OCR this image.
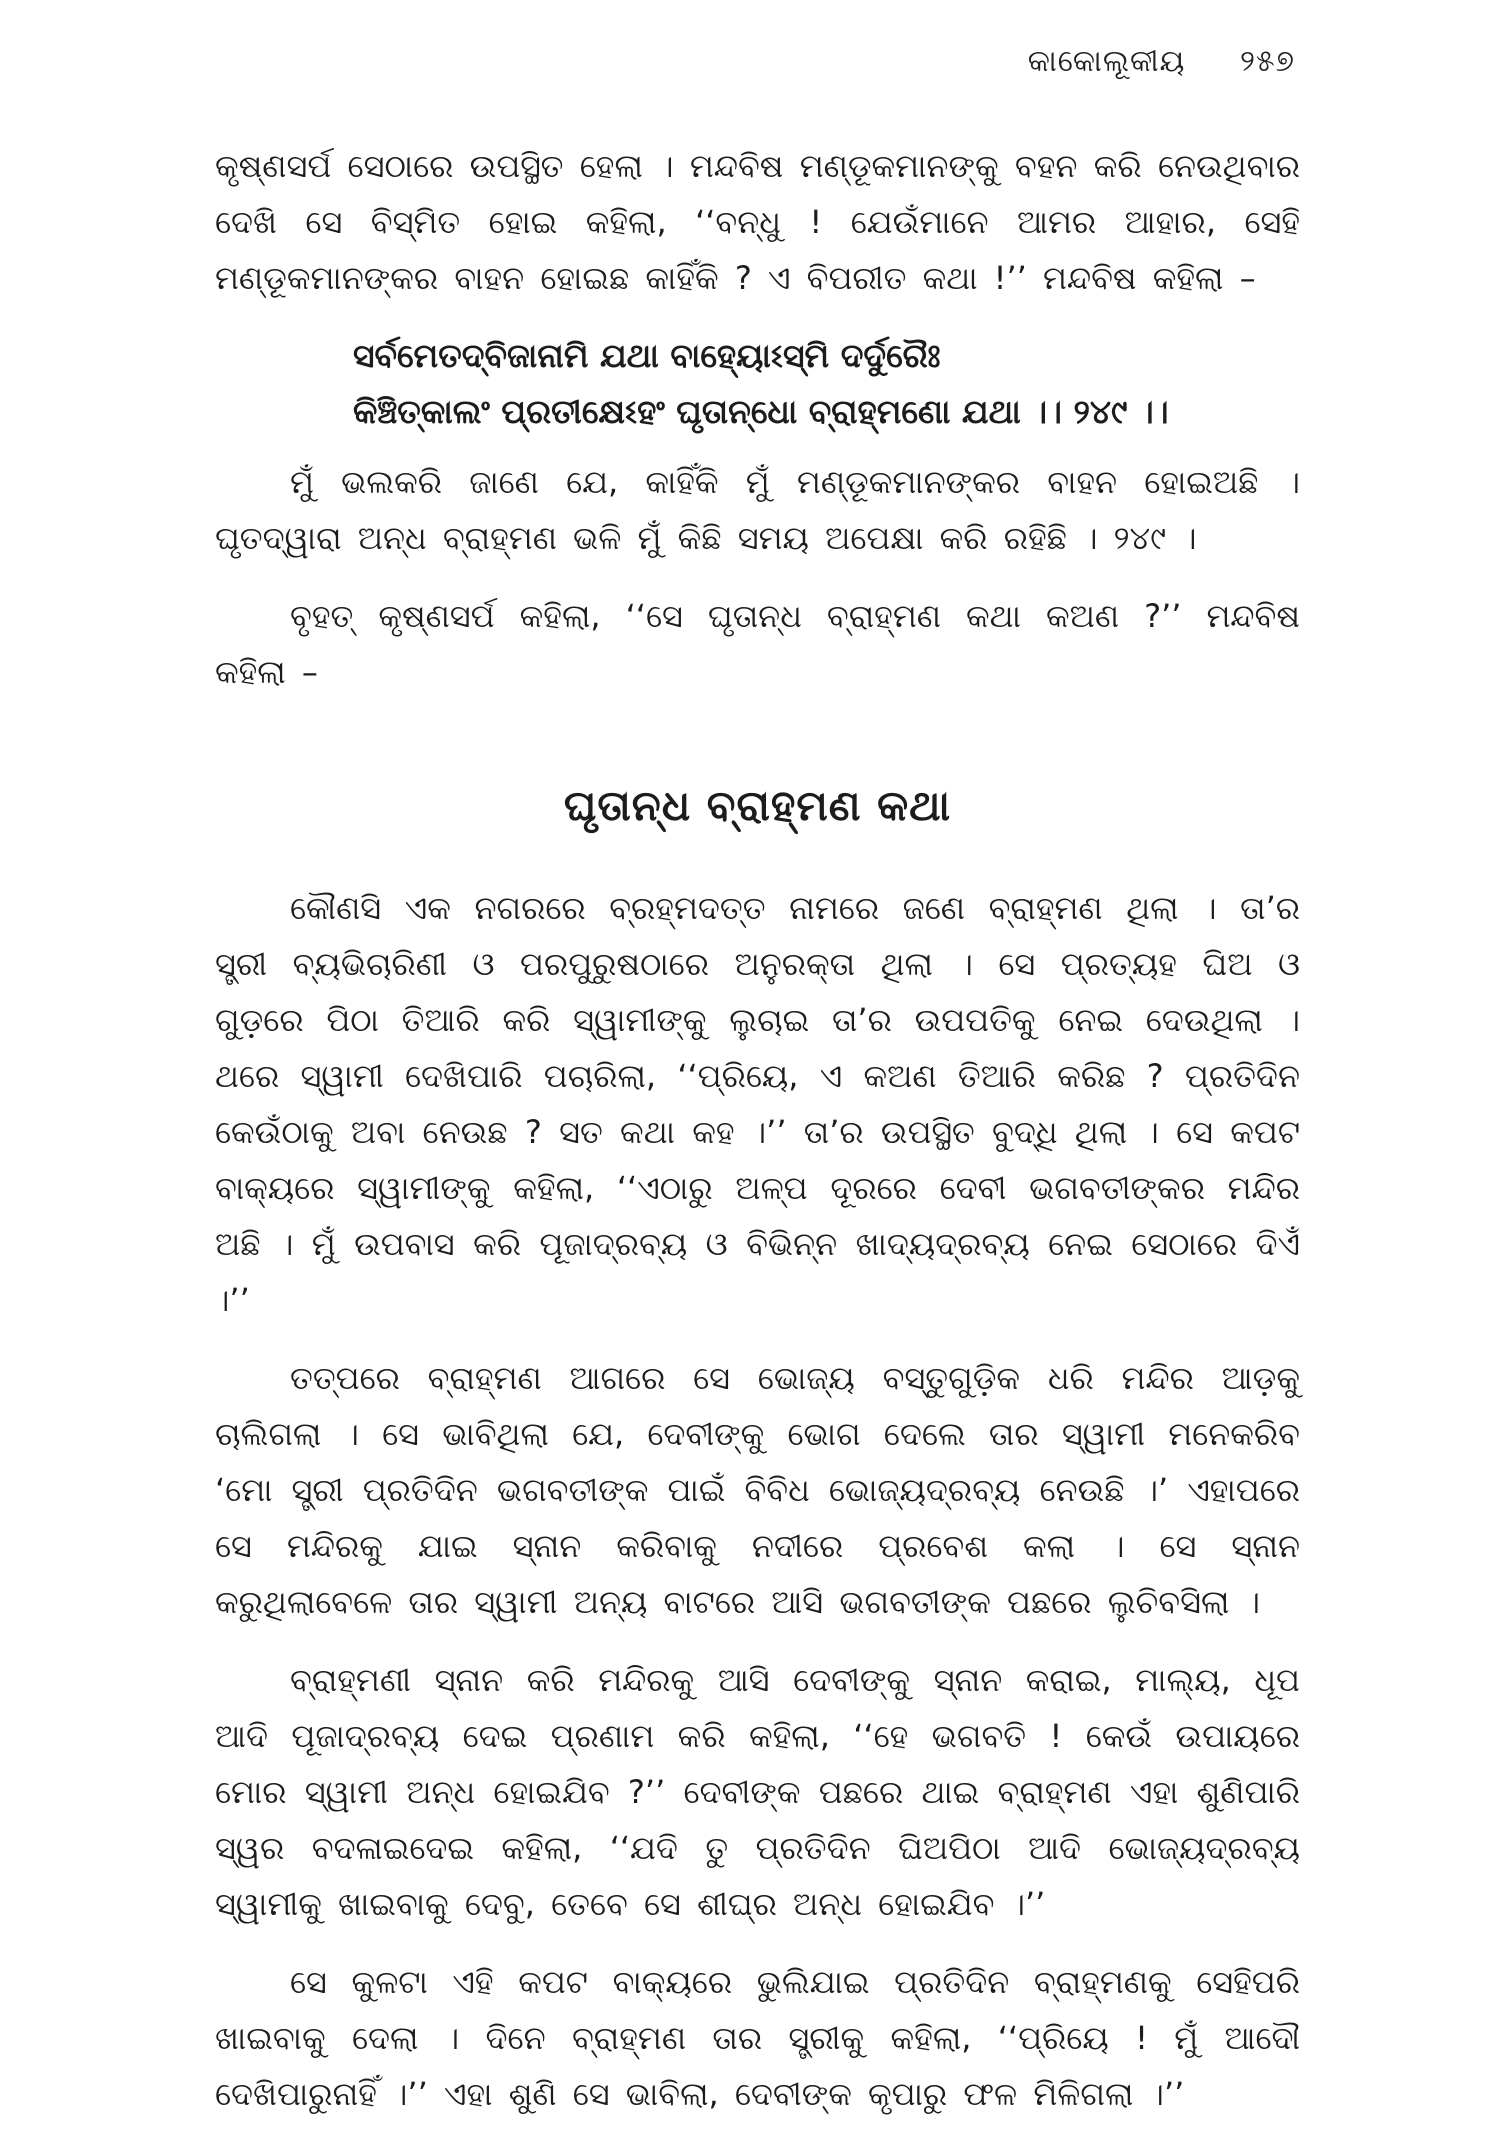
କାକୋଲୂକୀୟ ୨୫୭

କୃଷ୍ଣସର୍ପ ସେଠାରେ ଉପସ୍ଥିତ ହେଲା । ମନ୍ଦବିଷ ମଣ୍ଡୂକମାନଙ୍କୁ ବହନ କରି ନେଉଥିବାର ଦେଖି ସେ ବିସ୍ମିତ ହୋଇ କହିଲା, ‘‘ବନ୍ଧୁ ! ଯେଉଁମାନେ ଆମର ଆହାର, ସେହି ମଣ୍ଡୂକମାନଙ୍କର ବାହନ ହୋଇଛ କାହିଁକି ? ଏ ବିପରୀତ କଥା !’’ ମନ୍ଦବିଷ କହିଲା –

ସର୍ବମେତଦ୍‌ବିଜାନାମି ଯଥା ବାହ୍ୟୋଽସ୍ମି ଦର୍ଦୁରୈଃ
କିଞ୍ଚିତ୍‌କାଲଂ ପ୍ରତୀକ୍ଷେଽହଂ ଘୃତାନ୍ଧୋ ବ୍ରାହ୍ମଣୋ ଯଥା ।। ୨୪୯ ।।

ମୁଁ ଭଲକରି ଜାଣେ ଯେ, କାହିଁକି ମୁଁ ମଣ୍ଡୂକମାନଙ୍କର ବାହନ ହୋଇଅଛି । ଘୃତଦ୍ୱାରା ଅନ୍ଧ ବ୍ରାହ୍ମଣ ଭଳି ମୁଁ କିଛି ସମୟ ଅପେକ୍ଷା କରି ରହିଛି । ୨୪୯ ।

ବୃହତ୍ କୃଷ୍ଣସର୍ପ କହିଲା, ‘‘ସେ ଘୃତାନ୍ଧ ବ୍ରାହ୍ମଣ କଥା କଅଣ ?’’ ମନ୍ଦବିଷ କହିଲା –

ଘୃତାନ୍ଧ ବ୍ରାହ୍ମଣ କଥା

କୌଣସି ଏକ ନଗରରେ ବ୍ରହ୍ମଦତ୍ତ ନାମରେ ଜଣେ ବ୍ରାହ୍ମଣ ଥିଲା । ତା’ର ସ୍ତ୍ରୀ ବ୍ୟଭିଚାରିଣୀ ଓ ପରପୁରୁଷଠାରେ ଅନୁରକ୍ତା ଥିଲା । ସେ ପ୍ରତ୍ୟହ ଘିଅ ଓ ଗୁଡ଼ରେ ପିଠା ତିଆରି କରି ସ୍ୱାମୀଙ୍କୁ ଲୁଚାଇ ତା’ର ଉପପତିକୁ ନେଇ ଦେଉଥିଲା । ଥରେ ସ୍ୱାମୀ ଦେଖିପାରି ପଚାରିଲା, ‘‘ପ୍ରିୟେ, ଏ କଅଣ ତିଆରି କରିଛ ? ପ୍ରତିଦିନ କେଉଁଠାକୁ ଅବା ନେଉଛ ? ସତ କଥା କହ ।’’ ତା’ର ଉପସ୍ଥିତ ବୁଦ୍ଧି ଥିଲା । ସେ କପଟ ବାକ୍ୟରେ ସ୍ୱାମୀଙ୍କୁ କହିଲା, ‘‘ଏଠାରୁ ଅଳ୍ପ ଦୂରରେ ଦେବୀ ଭଗବତୀଙ୍କର ମନ୍ଦିର ଅଛି । ମୁଁ ଉପବାସ କରି ପୂଜାଦ୍ରବ୍ୟ ଓ ବିଭିନ୍ନ ଖାଦ୍ୟଦ୍ରବ୍ୟ ନେଇ ସେଠାରେ ଦିଏଁ ।’’

ତତ୍ପରେ ବ୍ରାହ୍ମଣ ଆଗରେ ସେ ଭୋଜ୍ୟ ବସ୍ତୁଗୁଡ଼ିକ ଧରି ମନ୍ଦିର ଆଡ଼କୁ ଚାଲିଗଲା । ସେ ଭାବିଥିଲା ଯେ, ଦେବୀଙ୍କୁ ଭୋଗ ଦେଲେ ତାର ସ୍ୱାମୀ ମନେକରିବ ‘ମୋ ସ୍ତ୍ରୀ ପ୍ରତିଦିନ ଭଗବତୀଙ୍କ ପାଇଁ ବିବିଧ ଭୋଜ୍ୟଦ୍ରବ୍ୟ ନେଉଛି ।’ ଏହାପରେ ସେ ମନ୍ଦିରକୁ ଯାଇ ସ୍ନାନ କରିବାକୁ ନଦୀରେ ପ୍ରବେଶ କଲା । ସେ ସ୍ନାନ କରୁଥିଲାବେଳେ ତାର ସ୍ୱାମୀ ଅନ୍ୟ ବାଟରେ ଆସି ଭଗବତୀଙ୍କ ପଛରେ ଲୁଚିବସିଲା ।

ବ୍ରାହ୍ମଣୀ ସ୍ନାନ କରି ମନ୍ଦିରକୁ ଆସି ଦେବୀଙ୍କୁ ସ୍ନାନ କରାଇ, ମାଲ୍ୟ, ଧୂପ ଆଦି ପୂଜାଦ୍ରବ୍ୟ ଦେଇ ପ୍ରଣାମ କରି କହିଲା, ‘‘ହେ ଭଗବତି ! କେଉଁ ଉପାୟରେ ମୋର ସ୍ୱାମୀ ଅନ୍ଧ ହୋଇଯିବ ?’’ ଦେବୀଙ୍କ ପଛରେ ଥାଇ ବ୍ରାହ୍ମଣ ଏହା ଶୁଣିପାରି ସ୍ୱର ବଦଳାଇଦେଇ କହିଲା, ‘‘ଯଦି ତୁ ପ୍ରତିଦିନ ଘିଅପିଠା ଆଦି ଭୋଜ୍ୟଦ୍ରବ୍ୟ ସ୍ୱାମୀକୁ ଖାଇବାକୁ ଦେବୁ, ତେବେ ସେ ଶୀଘ୍ର ଅନ୍ଧ ହୋଇଯିବ ।’’

ସେ କୁଳଟା ଏହି କପଟ ବାକ୍ୟରେ ଭୁଲିଯାଇ ପ୍ରତିଦିନ ବ୍ରାହ୍ମଣକୁ ସେହିପରି ଖାଇବାକୁ ଦେଲା । ଦିନେ ବ୍ରାହ୍ମଣ ତାର ସ୍ତ୍ରୀକୁ କହିଲା, ‘‘ପ୍ରିୟେ ! ମୁଁ ଆଦୌ ଦେଖିପାରୁନାହିଁ ।’’ ଏହା ଶୁଣି ସେ ଭାବିଲା, ଦେବୀଙ୍କ କୃପାରୁ ଫଳ ମିଳିଗଲା ।’’
